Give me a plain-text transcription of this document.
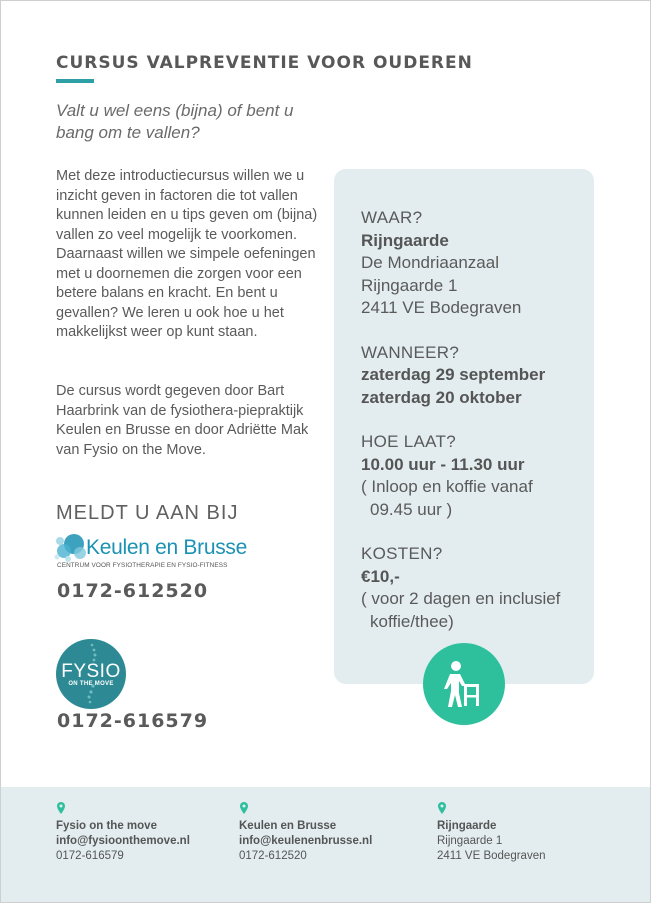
CURSUS VALPREVENTIE VOOR OUDEREN
Valt u wel eens (bijna) of bent u
bang om te vallen?
Met deze introductiecursus willen we u inzicht geven in factoren die tot vallen kunnen leiden en u tips geven om (bijna) vallen zo veel mogelijk te voorkomen. Daarnaast willen we simpele oefeningen met u doornemen die zorgen voor een betere balans en kracht. En bent u gevallen? We leren u ook hoe u het makkelijkst weer op kunt staan.
De cursus wordt gegeven door Bart Haarbrink van de fysiothera-piepraktijk Keulen en Brusse en door Adriëtte Mak van Fysio on the Move.
MELDT U AAN BIJ
Keulen en Brusse
CENTRUM VOOR FYSIOTHERAPIE EN FYSIO-FITNESS
0172-612520
FYSIO
ON THE MOVE
0172-616579
WAAR?
Rijngaarde
De Mondriaanzaal
Rijngaarde 1
2411 VE Bodegraven
WANNEER?
zaterdag 29 september
zaterdag 20 oktober
HOE LAAT?
10.00 uur - 11.30 uur
( Inloop en koffie vanaf
09.45 uur )
KOSTEN?
€10,-
( voor 2 dagen en inclusief
koffie/thee)
Fysio on the move
info@fysioonthemove.nl
0172-616579
Keulen en Brusse
info@keulenenbrusse.nl
0172-612520
Rijngaarde
Rijngaarde 1
2411 VE Bodegraven
